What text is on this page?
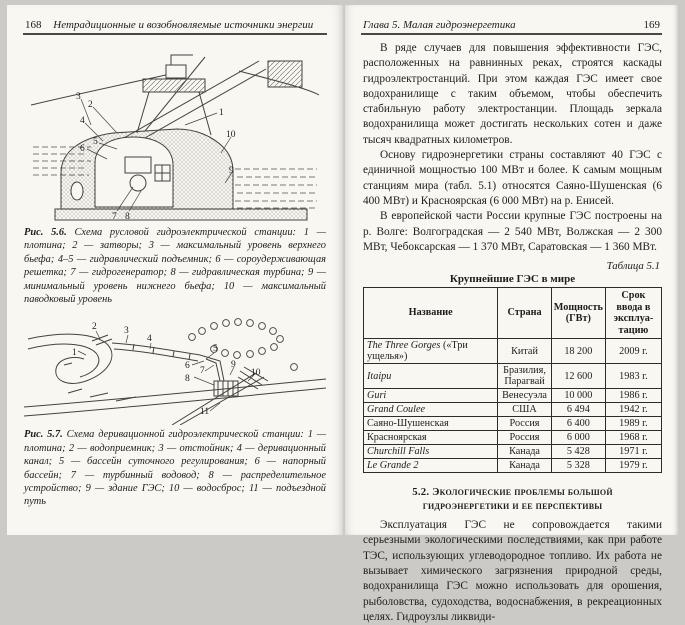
168	Нетрадиционные и возобновляемые источники энергии
3
2
4
1
10
5
6
9
7 8

Рис. 5.6. Схема русловой гидроэлектрической станции: 1 — плотина; 2 — затворы; 3 — максимальный уровень верхнего бьефа; 4–5 — гидравлический подъемник; 6 — сороудерживающая решетка; 7 — гидрогенератор; 8 — гидравлическая турбина; 9 — минимальный уровень нижнего бьефа; 10 — максимальный паводковый уровень

2	3
1
4
5
6 7
9
8
10
11

Рис. 5.7. Схема деривационной гидроэлектрической станции: 1 — плотина; 2 — водоприемник; 3 — отстойник; 4 — деривационный канал; 5 — бассейн суточного регулирования; 6 — напорный бассейн; 7 — турбинный водовод; 8 — распределительное устройство; 9 — здание ГЭС; 10 — водосброс; 11 — подъездной путь

Глава 5. Малая гидроэнергетика	169

В ряде случаев для повышения эффективности ГЭС, расположенных на равнинных реках, строятся каскады гидроэлектростанций. При этом каждая ГЭС имеет свое водохранилище с таким объемом, чтобы обеспечить стабильную работу электростанции. Площадь зеркала водохранилища может достигать нескольких сотен и даже тысяч квадратных километров.

Основу гидроэнергетики страны составляют 40 ГЭС с единичной мощностью 100 МВт и более. К самым мощным станциям мира (табл. 5.1) относятся Саяно-Шушенская (6 400 МВт) и Красноярская (6 000 МВт) на р. Енисей.

В европейской части России крупные ГЭС построены на р. Волге: Волгоградская — 2 540 МВт, Волжская — 2 300 МВт, Чебоксарская — 1 370 МВт, Саратовская — 1 360 МВт.

Таблица 5.1
Крупнейшие ГЭС в мире
Название	Страна	Мощность (ГВт)	Срок ввода в эксплуатацию
The Three Gorges («Три ущелья»)	Китай	18 200	2009 г.
Itaipu	Бразилия, Парагвай	12 600	1983 г.
Guri	Венесуэла	10 000	1986 г.
Grand Coulee	США	6 494	1942 г.
Саяно-Шушенская	Россия	6 400	1989 г.
Красноярская	Россия	6 000	1968 г.
Churchill Falls	Канада	5 428	1971 г.
Le Grande 2	Канада	5 328	1979 г.
5.2. Экологические проблемы большой гидроэнергетики и ее перспективы

Эксплуатация ГЭС не сопровождается такими серьезными экологическими последствиями, как при работе ТЭС, использующих углеводородное топливо. Их работа не вызывает химического загрязнения природной среды, водохранилища ГЭС можно использовать для орошения, рыболовства, судоходства, водоснабжения, в рекреационных целях. Гидроузлы ликвиди-
